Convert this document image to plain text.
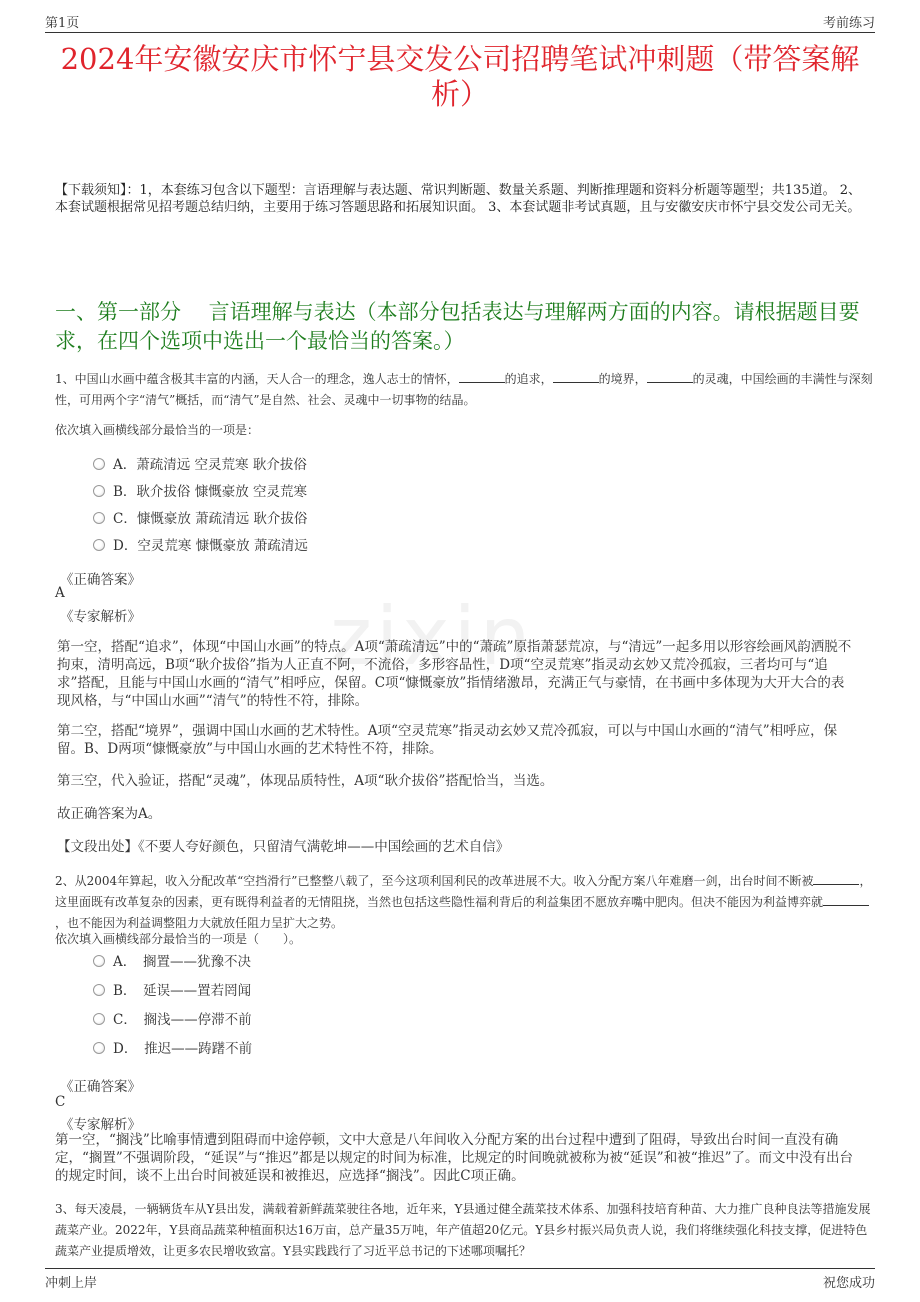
zixin
第1页	考前练习
2024年安徽安庆市怀宁县交发公司招聘笔试冲刺题（带答案解析）
【下载须知】：1，本套练习包含以下题型：言语理解与表达题、常识判断题、数量关系题、判断推理题和资料分析题等题型；共135道。 2、本套试题根据常见招考题总结归纳，主要用于练习答题思路和拓展知识面。 3、本套试题非考试真题，且与安徽安庆市怀宁县交发公司无关。
一、第一部分　 言语理解与表达（本部分包括表达与理解两方面的内容。请根据题目要求，在四个选项中选出一个最恰当的答案。）
1、中国山水画中蕴含极其丰富的内涵，天人合一的理念，逸人志士的情怀，	的追求，	的境界，	的灵魂，中国绘画的丰满性与深刻性，可用两个字“清气”概括，而“清气”是自然、社会、灵魂中一切事物的结晶。
依次填入画横线部分最恰当的一项是：
A．萧疏清远 空灵荒寒 耿介拔俗
B．耿介拔俗 慷慨豪放 空灵荒寒
C．慷慨豪放 萧疏清远 耿介拔俗
D．空灵荒寒 慷慨豪放 萧疏清远
《正确答案》
A
《专家解析》
第一空，搭配“追求”，体现“中国山水画”的特点。A项“萧疏清远”中的“萧疏”原指萧瑟荒凉，与“清远”一起多用以形容绘画风韵洒脱不拘束，清明高远，B项“耿介拔俗”指为人正直不阿，不流俗，多形容品性，D项“空灵荒寒”指灵动玄妙又荒冷孤寂，三者均可与“追求”搭配，且能与中国山水画的“清气”相呼应，保留。C项“慷慨豪放”指情绪激昂，充满正气与豪情，在书画中多体现为大开大合的表现风格，与“中国山水画”“清气”的特性不符，排除。
第二空，搭配“境界”，强调中国山水画的艺术特性。A项“空灵荒寒”指灵动玄妙又荒冷孤寂，可以与中国山水画的“清气”相呼应，保留。B、D两项“慷慨豪放”与中国山水画的艺术特性不符，排除。
第三空，代入验证，搭配“灵魂”，体现品质特性，A项“耿介拔俗”搭配恰当，当选。
故正确答案为A。
【文段出处】《不要人夸好颜色，只留清气满乾坤——中国绘画的艺术自信》
2、从2004年算起，收入分配改革“空挡滑行”已整整八载了，至今这项利国利民的改革进展不大。收入分配方案八年难磨一剑，出台时间不断被	，这里面既有改革复杂的因素，更有既得利益者的无情阻挠，当然也包括这些隐性福利背后的利益集团不愿放弃嘴中肥肉。但决不能因为利益博弈就，也不能因为利益调整阻力大就放任阻力呈扩大之势。
依次填入画横线部分最恰当的一项是（　　）。
A．　搁置——犹豫不决
B．　延误——置若罔闻
C．　搁浅——停滞不前
D．　推迟——踌躇不前
《正确答案》
C
《专家解析》
第一空，“搁浅”比喻事情遭到阻碍而中途停顿，文中大意是八年间收入分配方案的出台过程中遭到了阻碍，导致出台时间一直没有确定，“搁置”不强调阶段，“延误”与“推迟”都是以规定的时间为标准，比规定的时间晚就被称为被“延误”和被“推迟”了。而文中没有出台的规定时间，谈不上出台时间被延误和被推迟，应选择“搁浅”。因此C项正确。
3、每天凌晨，一辆辆货车从Y县出发，满载着新鲜蔬菜驶往各地，近年来，Y县通过健全蔬菜技术体系、加强科技培育种苗、大力推广良种良法等措施发展蔬菜产业。2022年，Y县商品蔬菜种植面积达16万亩，总产量35万吨，年产值超20亿元。Y县乡村振兴局负责人说，我们将继续强化科技支撑，促进特色蔬菜产业提质增效，让更多农民增收致富。Y县实践践行了习近平总书记的下述哪项嘱托？
冲刺上岸	祝您成功
